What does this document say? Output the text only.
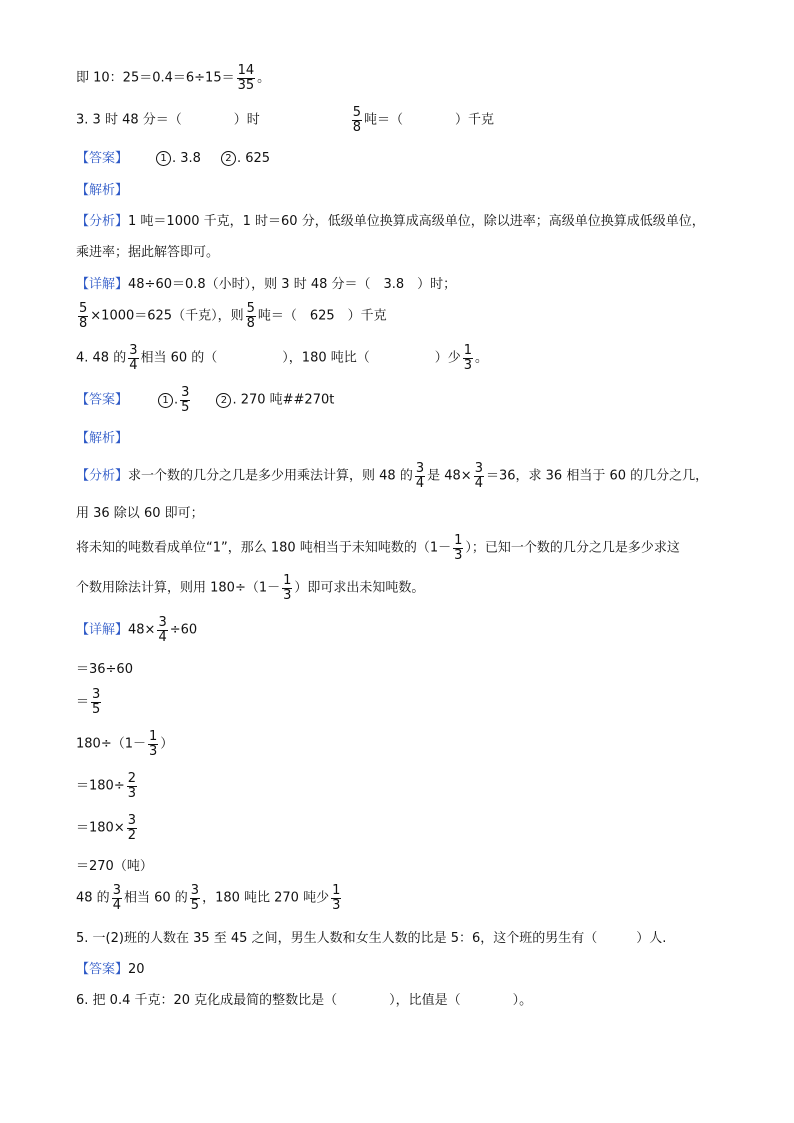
即 10：$25=0.4=6\div 15= \frac{14}{35}$ 。
3. 3 时 48 分＝（　　　　）时	$\frac{5}{8}$ 吨＝（　　　　）千克
【答案】	1 . 3.8 2 . 625
【解析】
【分析】1 吨＝1000 千克，1 时＝60 分，低级单位换算成高级单位，除以进率；高级单位换算成低级单位，
乘进率；据此解答即可。
【详解】48÷60＝0.8（小时），则 3 时 48 分＝（　3.8　）时；
$\frac{5}{8} \times 1000=625$（千克），则 $\frac{5}{8}$ 吨＝（　625　）千克
4. 48 的 $\frac{3}{4}$ 相当 60 的（　　　　　），180 吨比（　　　　　）少 $\frac{1}{3}$ 。
【答案】	1 . $\frac{3}{5}$	2 . 270 吨##270t
【解析】
【分析】求一个数的几分之几是多少用乘法计算，则 48 的 $\frac{3}{4}$ 是 $48\times \frac{3}{4} =36$，求 36 相当于 60 的几分之几，
用 36 除以 60 即可；
将未知的吨数看成单位“1”，那么 180 吨相当于未知吨数的（$1- \frac{1}{3}$ ）；已知一个数的几分之几是多少求这
个数用除法计算，则用 $180\div(1- \frac{1}{3}$ ）即可求出未知吨数。
【详解】$48\times \frac{3}{4} \div 60$
＝36÷60
＝ $\frac{3}{5}$
$180\div(1- \frac{1}{3}$ ）
$=180\div \frac{2}{3}$
$=180\times \frac{3}{2}$
＝270（吨）
48 的 $\frac{3}{4}$ 相当 60 的 $\frac{3}{5}$ ，180 吨比 270 吨少 $\frac{1}{3}$
5. 一(2)班的人数在 35 至 45 之间，男生人数和女生人数的比是 5：6，这个班的男生有（　　　）人.
【答案】20
6. 把 0.4 千克：20 克化成最简的整数比是（　　　　），比值是（　　　　）。
